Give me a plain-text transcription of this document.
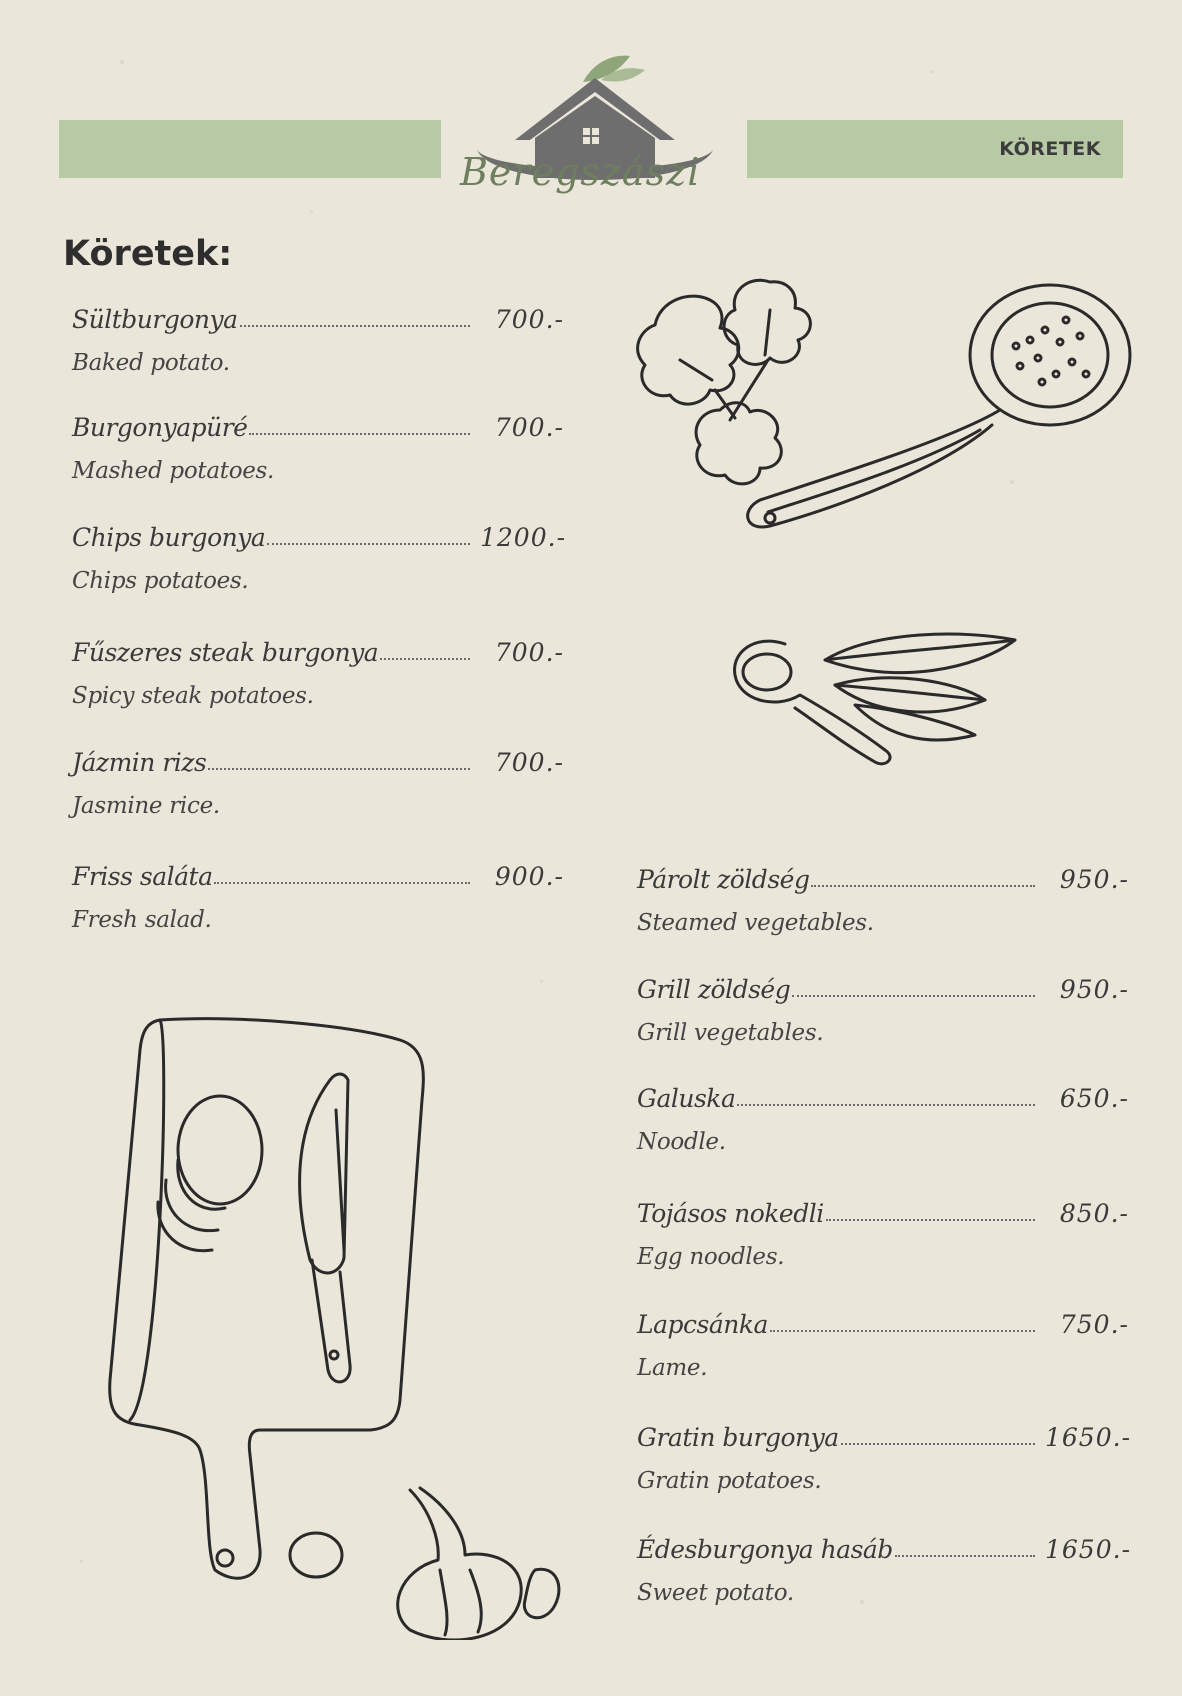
KÖRETEK
Beregszászi
Köretek:
Sültburgonya	700.-
Baked potato.
Burgonyapüré	700.-
Mashed potatoes.
Chips burgonya	1200.-
Chips potatoes.
Fűszeres steak burgonya	700.-
Spicy steak potatoes.
Jázmin rizs	700.-
Jasmine rice.
Friss saláta	900.-
Fresh salad.
Párolt zöldség	950.-
Steamed vegetables.
Grill zöldség	950.-
Grill vegetables.
Galuska	650.-
Noodle.
Tojásos nokedli	850.-
Egg noodles.
Lapcsánka	750.-
Lame.
Gratin burgonya	1650.-
Gratin potatoes.
Édesburgonya hasáb	1650.-
Sweet potato.
